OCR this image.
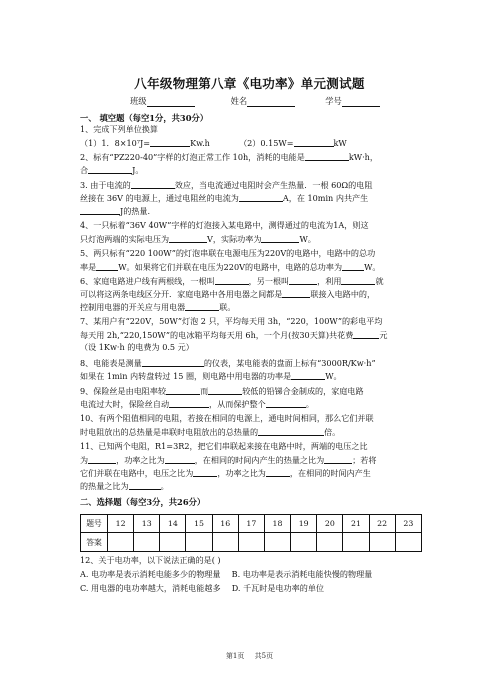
八年级物理第八章《电功率》单元测试题
班级	姓名	学号
一、 填空题（每空1分，共30分）
1、完成下列单位换算
（1）1．8×10⁷J=	Kw.h	（2）0.15W=	kW
2、标有“PZ220-40”字样的灯泡正常工作 10h，消耗的电能是	kW·h，
合	J。
3. 由于电流的	效应，当电流通过电阻时会产生热量．一根 60Ω的电阻
丝接在 36V 的电源上，通过电阻丝的电流为	A，在 10min 内共产生
J的热量.
4、一只标着“36V 40W”字样的灯泡接入某电路中，测得通过的电流为1A，则这
只灯泡两端的实际电压为	V，实际功率为	W。
5、两只标有“220 100W”的灯泡串联在电源电压为220V的电路中，电路中的总功
率是	W。如果将它们并联在电压为220V的电路中，电路的总功率为	W。
6、家庭电路进户线有两根线，一根叫	，另一根叫	，利用	就
可以将这两条电线区分开．家庭电路中各用电器之间都是	联接入电路中的，
控制用电器的开关应与用电器	联。
7、某用户有“220V，50W”灯泡 2 只，平均每天用 3h，“220，100W”的彩电平均
每天用 2h,“220,150W”的电冰箱平均每天用 6h，一个月(按30天算)共花费	元
（设 1Kw·h 的电费为 0.5 元）
8、电能表是测量	的仪表，某电能表的盘面上标有“3000R/Kw·h”
如果在 1min 内转盘转过 15 圈，则电路中用电器的功率是	W。
9、保险丝是由电阻率较	而	较低的铅锑合金制成的，家庭电路
电流过大时，保险丝自动	，从而保护整个	。
10、有两个阻值相同的电阻，若接在相同的电源上，通电时间相同，那么它们并联
时电阻放出的总热量是串联时电阻放出的总热量的	倍。
11、已知两个电阻，R1=3R2，把它们串联起来接在电路中时，两端的电压之比
为	，功率之比为	，在相同的时间内产生的热量之比为	；若将
它们并联在电路中，电压之比为	，功率之比为	，在相同的时间内产生
的热量之比为	。
二、选择题（每空3分，共26分）
题号	12	13	14	15	16	17	18	19	20	21	22	23
答案												
12、关于电功率，以下说法正确的是( )
A. 电功率是表示消耗电能多少的物理量 B. 电功率是表示消耗电能快慢的物理量
C. 用电器的电功率越大，消耗电能越多 D. 千瓦时是电功率的单位
第1页 共5页
